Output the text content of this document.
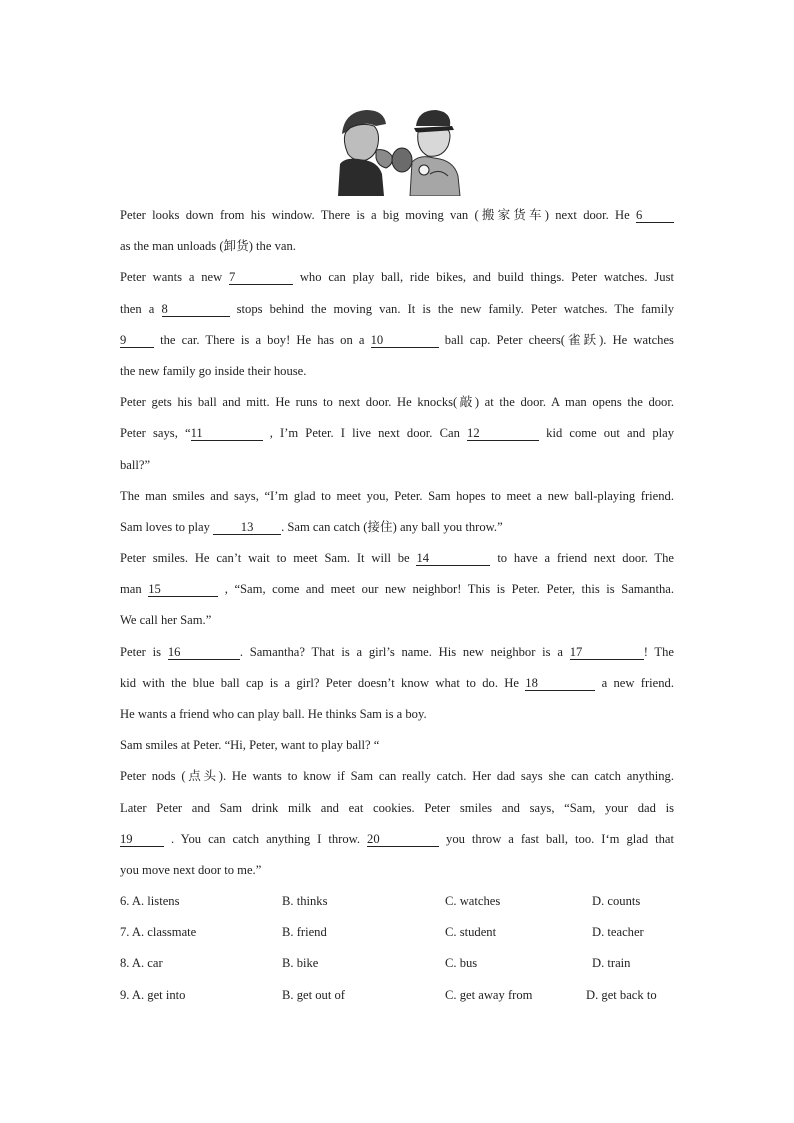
Peter looks down from his window. There is a big moving van (搬家货车) next door. He 6
as the man unloads (卸货) the van.
Peter wants a new 7	who can play ball, ride bikes, and build things. Peter watches. Just
then a 8	stops behind the moving van. It is the new family. Peter watches. The family
9	the car. There is a boy! He has on a 10	ball cap. Peter cheers(雀跃). He watches
the new family go inside their house.
Peter gets his ball and mitt. He runs to next door. He knocks(敲) at the door. A man opens the door.
Peter says, “11	, I’m Peter. I live next door. Can 12	kid come out and play
ball?”
The man smiles and says, “I’m glad to meet you, Peter. Sam hopes to meet a new ball-playing friend.
Sam loves to play 13 . Sam can catch (接住) any ball you throw.”
Peter smiles. He can’t wait to meet Sam. It will be 14	to have a friend next door. The
man 15	, “Sam, come and meet our new neighbor! This is Peter. Peter, this is Samantha.
We call her Sam.”
Peter is 16	. Samantha? That is a girl’s name. His new neighbor is a 17	! The
kid with the blue ball cap is a girl? Peter doesn’t know what to do. He 18	a new friend.
He wants a friend who can play ball. He thinks Sam is a boy.
Sam smiles at Peter. “Hi, Peter, want to play ball? “
Peter nods (点头). He wants to know if Sam can really catch. Her dad says she can catch anything.
Later Peter and Sam drink milk and eat cookies. Peter smiles and says, “Sam, your dad is
19	. You can catch anything I throw. 20	you throw a fast ball, too. I‘m glad that
you move next door to me.”
6. A. listens	B. thinks	C. watches	D. counts
7. A. classmate	B. friend	C. student	D. teacher
8. A. car	B. bike	C. bus	D. train
9. A. get into	B. get out of	C. get away from	D. get back to
